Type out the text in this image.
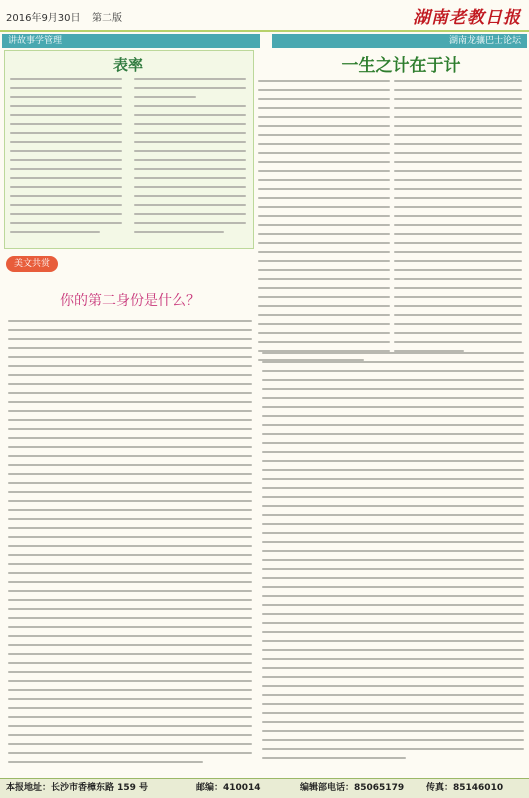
2016年9月30日 第二版	湖南老教日报
讲故事学管理	湖南龙骧巴士论坛
表率	一生之计在于计
美文共赏
你的第二身份是什么？
本报地址：长沙市香樟东路 159 号	邮编：410014	编辑部电话：85065179 传真：85146010
